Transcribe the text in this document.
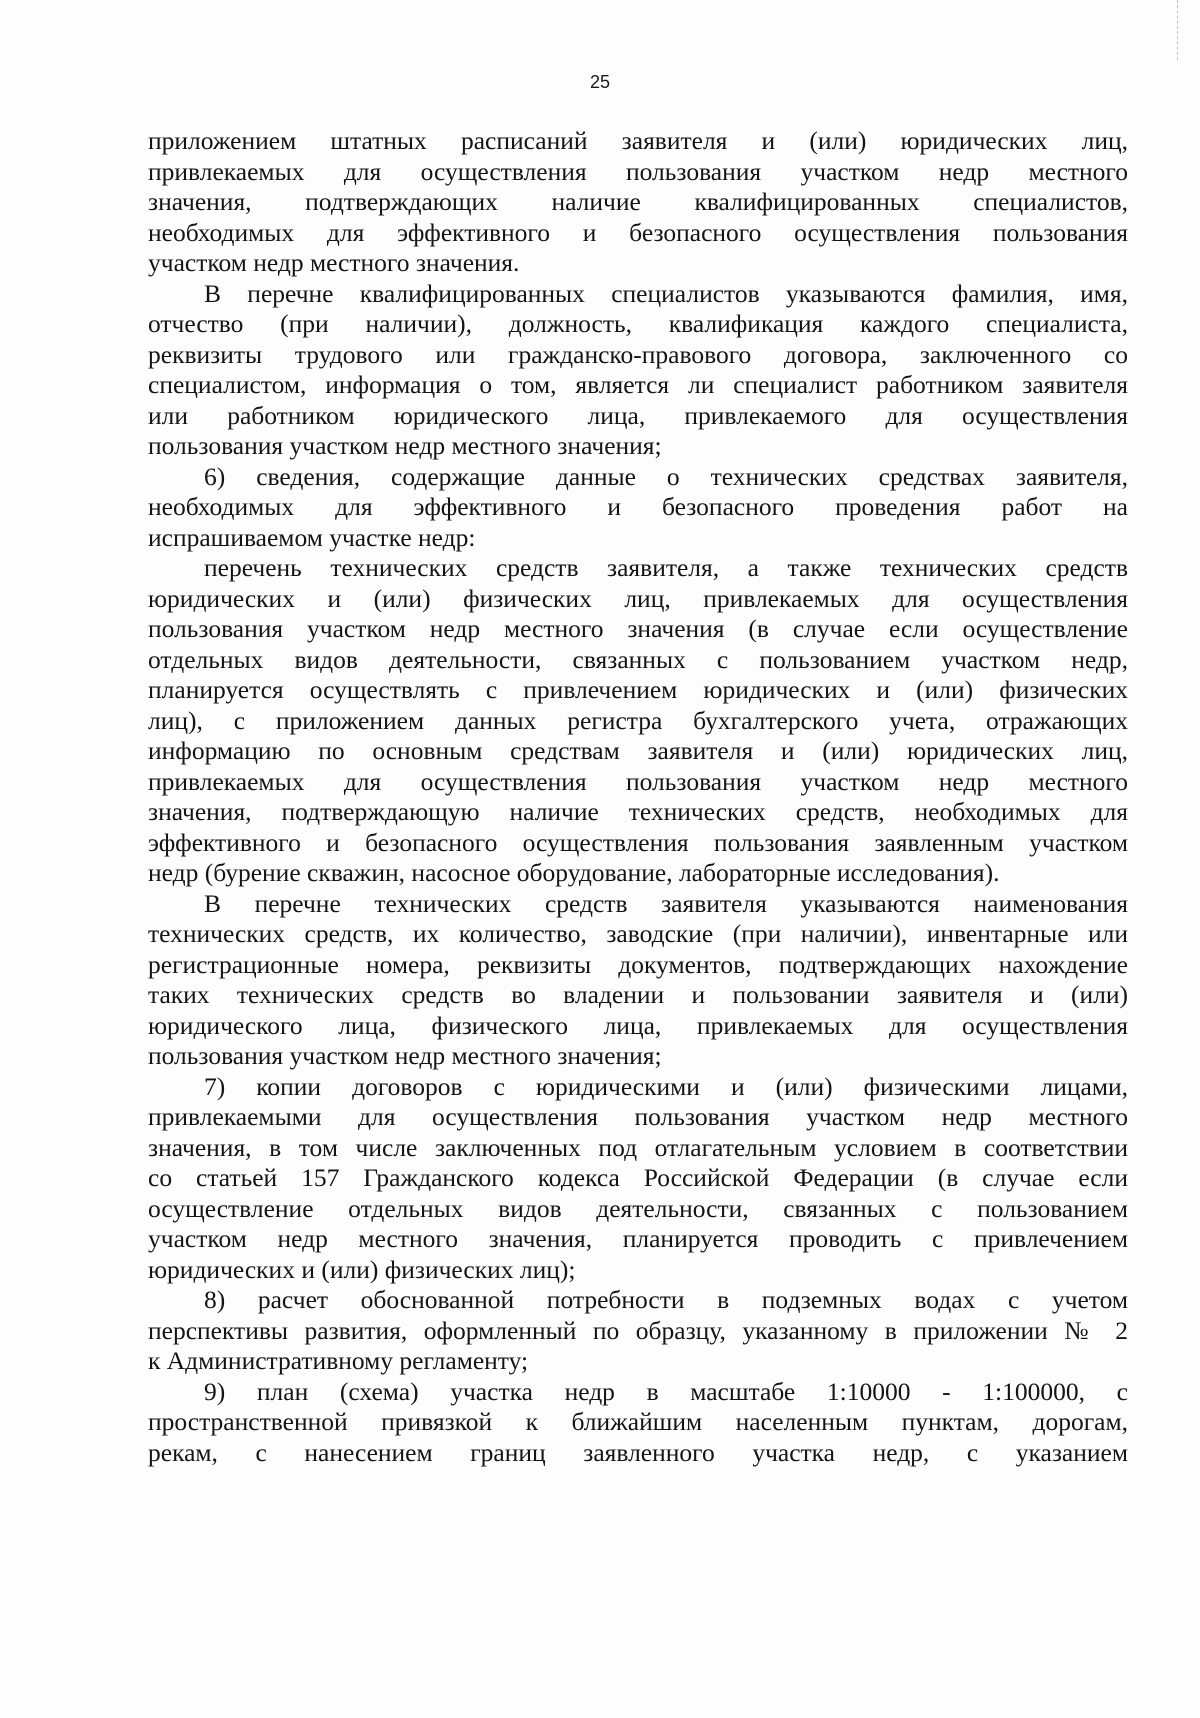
25
приложением штатных расписаний заявителя и (или) юридических лиц,
привлекаемых для осуществления пользования участком недр местного
значения, подтверждающих наличие квалифицированных специалистов,
необходимых для эффективного и безопасного осуществления пользования
участком недр местного значения.
В перечне квалифицированных специалистов указываются фамилия, имя,
отчество (при наличии), должность, квалификация каждого специалиста,
реквизиты трудового или гражданско-правового договора, заключенного со
специалистом, информация о том, является ли специалист работником заявителя
или работником юридического лица, привлекаемого для осуществления
пользования участком недр местного значения;
6) сведения, содержащие данные о технических средствах заявителя,
необходимых для эффективного и безопасного проведения работ на
испрашиваемом участке недр:
перечень технических средств заявителя, а также технических средств
юридических и (или) физических лиц, привлекаемых для осуществления
пользования участком недр местного значения (в случае если осуществление
отдельных видов деятельности, связанных с пользованием участком недр,
планируется осуществлять с привлечением юридических и (или) физических
лиц), с приложением данных регистра бухгалтерского учета, отражающих
информацию по основным средствам заявителя и (или) юридических лиц,
привлекаемых для осуществления пользования участком недр местного
значения, подтверждающую наличие технических средств, необходимых для
эффективного и безопасного осуществления пользования заявленным участком
недр (бурение скважин, насосное оборудование, лабораторные исследования).
В перечне технических средств заявителя указываются наименования
технических средств, их количество, заводские (при наличии), инвентарные или
регистрационные номера, реквизиты документов, подтверждающих нахождение
таких технических средств во владении и пользовании заявителя и (или)
юридического лица, физического лица, привлекаемых для осуществления
пользования участком недр местного значения;
7) копии договоров с юридическими и (или) физическими лицами,
привлекаемыми для осуществления пользования участком недр местного
значения, в том числе заключенных под отлагательным условием в соответствии
со статьей 157 Гражданского кодекса Российской Федерации (в случае если
осуществление отдельных видов деятельности, связанных с пользованием
участком недр местного значения, планируется проводить с привлечением
юридических и (или) физических лиц);
8) расчет обоснованной потребности в подземных водах с учетом
перспективы развития, оформленный по образцу, указанному в приложении № 2
к Административному регламенту;
9) план (схема) участка недр в масштабе 1:10000 - 1:100000, с
пространственной привязкой к ближайшим населенным пунктам, дорогам,
рекам, с нанесением границ заявленного участка недр, с указанием
